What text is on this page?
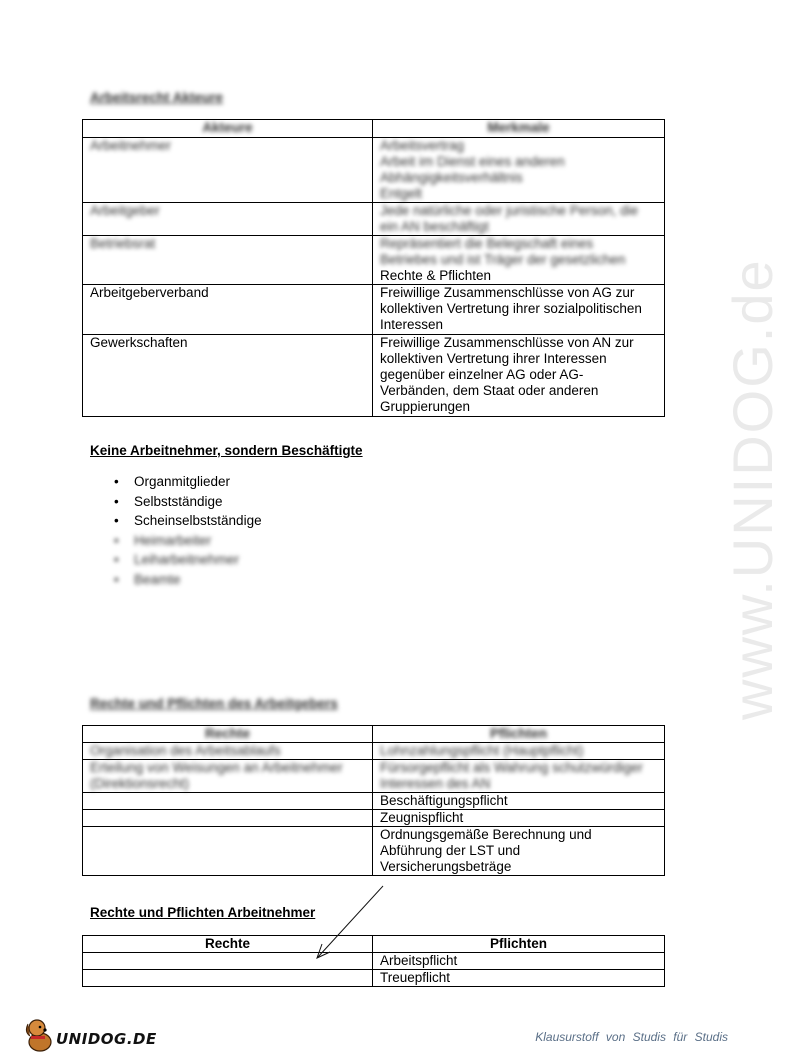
www.UNIDOG.de
Arbeitsrecht Akteure
Akteure	Merkmale
Arbeitnehmer	Arbeitsvertrag
Arbeit im Dienst eines anderen
Abhängigkeitsverhältnis
Entgelt

Arbeitgeber	Jede natürliche oder juristische Person, die
ein AN beschäftigt

Betriebsrat	Repräsentiert die Belegschaft eines
Betriebes und ist Träger der gesetzlichen
Rechte & Pflichten

Arbeitgeberverband	Freiwillige Zusammenschlüsse von AG zur
kollektiven Vertretung ihrer sozialpolitischen
Interessen

Gewerkschaften	Freiwillige Zusammenschlüsse von AN zur
kollektiven Vertretung ihrer Interessen
gegenüber einzelner AG oder AG-
Verbänden, dem Staat oder anderen
Gruppierungen
Keine Arbeitnehmer, sondern Beschäftigte
• Organmitglieder
• Selbstständige
• Scheinselbstständige
• Heimarbeiter
• Leiharbeitnehmer
• Beamte
Rechte und Pflichten des Arbeitgebers
Rechte	Pflichten
Organisation des Arbeitsablaufs	Lohnzahlungspflicht (Hauptpflicht)

Erteilung von Weisungen an Arbeitnehmer
(Direktionsrecht)	Fürsorgepflicht als Wahrung schutzwürdiger
Interessen des AN

	Beschäftigungspflicht
	Zeugnispflicht

	Ordnungsgemäße Berechnung und
Abführung der LST und
Versicherungsbeträge
Rechte und Pflichten Arbeitnehmer
Rechte	Pflichten
	Arbeitspflicht
	Treuepflicht
UNIDOG.DE	Klausurstoff von Studis für Studis
